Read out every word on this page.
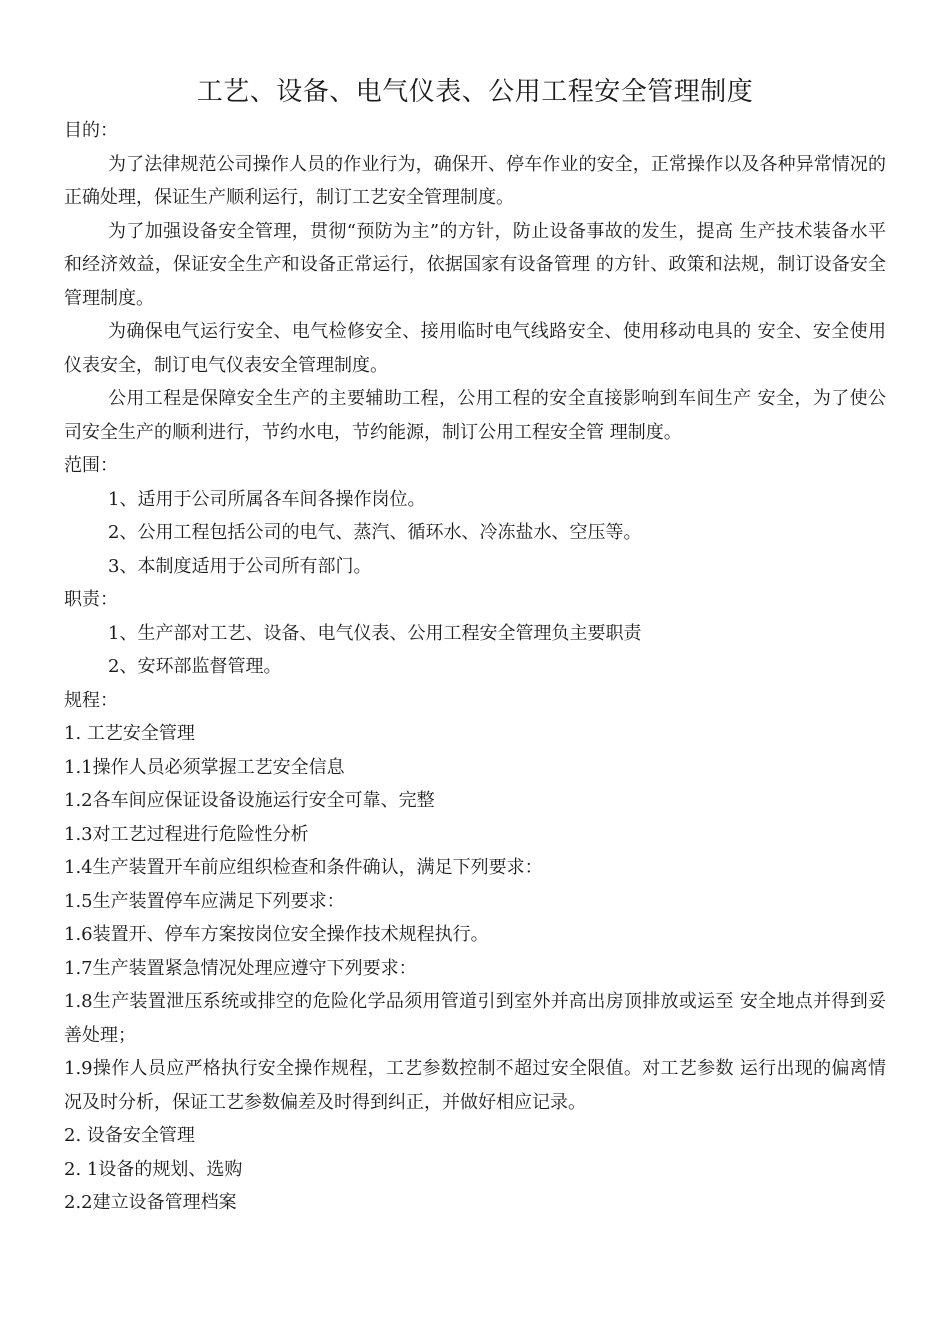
工艺、设备、电气仪表、公用工程安全管理制度

目的：

为了法律规范公司操作人员的作业行为，确保开、停车作业的安全，正常操作以及各种异常情况的正确处理，保证生产顺利运行，制订工艺安全管理制度。

为了加强设备安全管理，贯彻“预防为主”的方针，防止设备事故的发生，提高 生产技术装备水平和经济效益，保证安全生产和设备正常运行，依据国家有设备管理 的方针、政策和法规，制订设备安全管理制度。

为确保电气运行安全、电气检修安全、接用临时电气线路安全、使用移动电具的 安全、安全使用仪表安全，制订电气仪表安全管理制度。

公用工程是保障安全生产的主要辅助工程，公用工程的安全直接影响到车间生产 安全，为了使公司安全生产的顺利进行，节约水电，节约能源，制订公用工程安全管 理制度。

范围：

1、适用于公司所属各车间各操作岗位。

2、公用工程包括公司的电气、蒸汽、循环水、冷冻盐水、空压等。

3、本制度适用于公司所有部门。

职责：

1、生产部对工艺、设备、电气仪表、公用工程安全管理负主要职责

2、安环部监督管理。

规程：

1. 工艺安全管理

1.1操作人员必须掌握工艺安全信息

1.2各车间应保证设备设施运行安全可靠、完整

1.3对工艺过程进行危险性分析

1.4生产装置开车前应组织检查和条件确认，满足下列要求：

1.5生产装置停车应满足下列要求：

1.6装置开、停车方案按岗位安全操作技术规程执行。

1.7生产装置紧急情况处理应遵守下列要求：

1.8生产装置泄压系统或排空的危险化学品须用管道引到室外并高出房顶排放或运至 安全地点并得到妥善处理；

1.9操作人员应严格执行安全操作规程，工艺参数控制不超过安全限值。对工艺参数 运行出现的偏离情况及时分析，保证工艺参数偏差及时得到纠正，并做好相应记录。

2. 设备安全管理

2. 1设备的规划、选购

2.2建立设备管理档案
